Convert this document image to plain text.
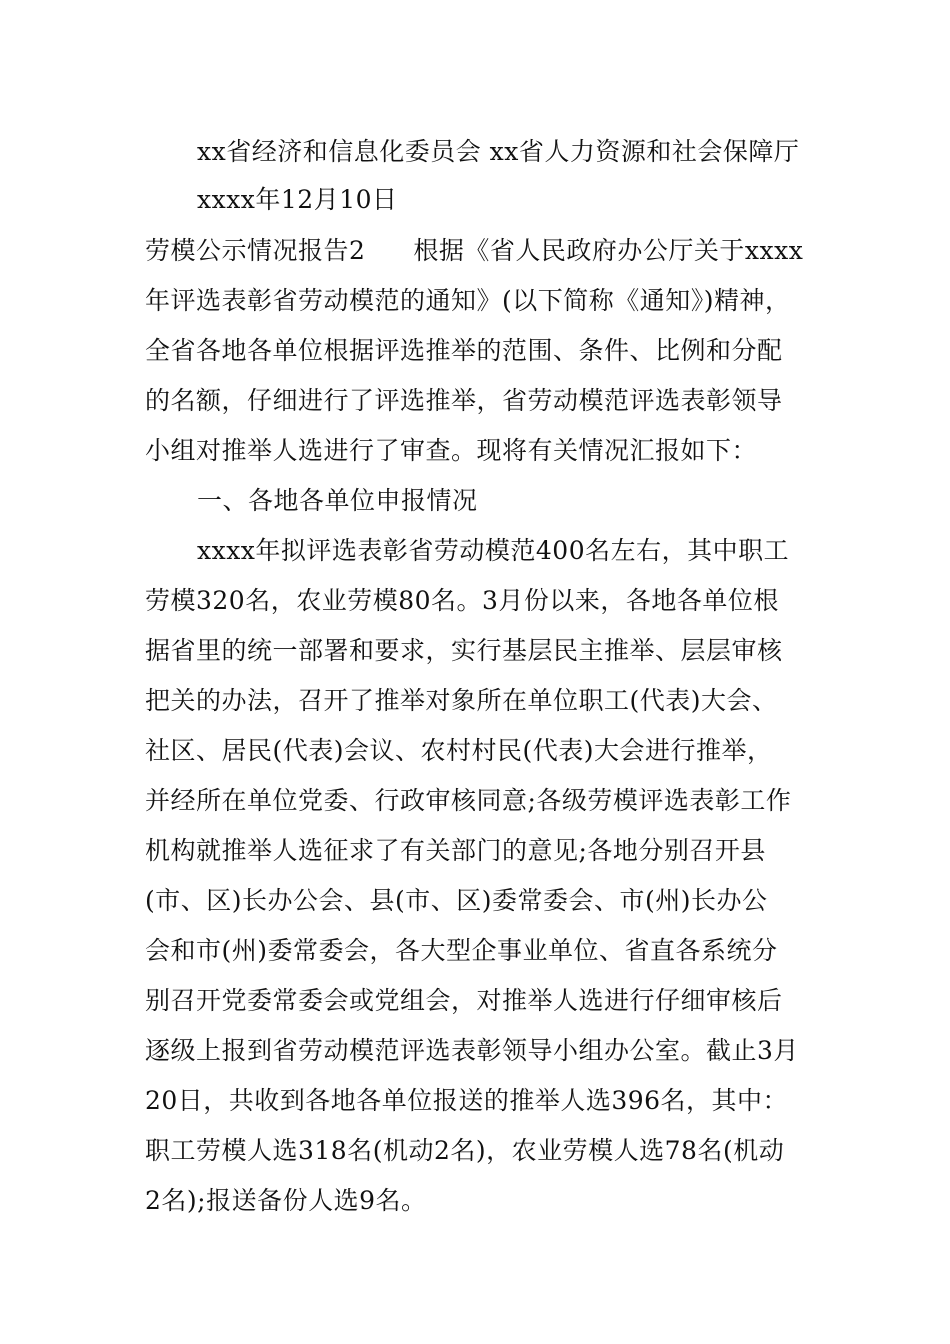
xx省经济和信息化委员会 xx省人力资源和社会保障厅
xxxx年12月10日
劳模公示情况报告2 根据《省人民政府办公厅关于xxxx
年评选表彰省劳动模范的通知》(以下简称《通知》)精神，
全省各地各单位根据评选推举的范围、条件、比例和分配
的名额，仔细进行了评选推举，省劳动模范评选表彰领导
小组对推举人选进行了审查。现将有关情况汇报如下：
一、各地各单位申报情况
xxxx年拟评选表彰省劳动模范400名左右，其中职工
劳模320名，农业劳模80名。3月份以来，各地各单位根
据省里的统一部署和要求，实行基层民主推举、层层审核
把关的办法，召开了推举对象所在单位职工(代表)大会、
社区、居民(代表)会议、农村村民(代表)大会进行推举，
并经所在单位党委、行政审核同意;各级劳模评选表彰工作
机构就推举人选征求了有关部门的意见;各地分别召开县
(市、区)长办公会、县(市、区)委常委会、市(州)长办公
会和市(州)委常委会，各大型企事业单位、省直各系统分
别召开党委常委会或党组会，对推举人选进行仔细审核后
逐级上报到省劳动模范评选表彰领导小组办公室。截止3月
20日，共收到各地各单位报送的推举人选396名，其中：
职工劳模人选318名(机动2名)，农业劳模人选78名(机动
2名);报送备份人选9名。
